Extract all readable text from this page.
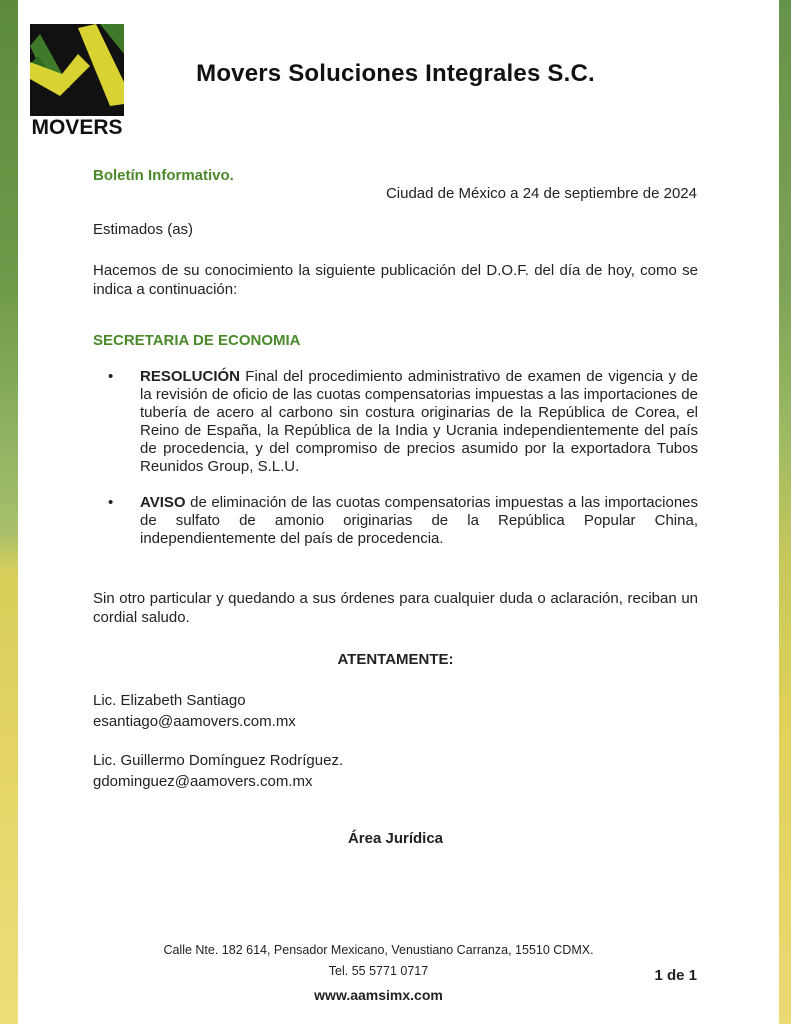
MOVERS
Movers Soluciones Integrales S.C.
Boletín Informativo.
Ciudad de México a 24 de septiembre de 2024
Estimados (as)
Hacemos de su conocimiento la siguiente publicación del D.O.F. del día de hoy, como se indica a continuación:
SECRETARIA DE ECONOMIA
• RESOLUCIÓN Final del procedimiento administrativo de examen de vigencia y de la revisión de oficio de las cuotas compensatorias impuestas a las importaciones de tubería de acero al carbono sin costura originarias de la República de Corea, el Reino de España, la República de la India y Ucrania independientemente del país de procedencia, y del compromiso de precios asumido por la exportadora Tubos Reunidos Group, S.L.U.
• AVISO de eliminación de las cuotas compensatorias impuestas a las importaciones de sulfato de amonio originarias de la República Popular China, independientemente del país de procedencia.
Sin otro particular y quedando a sus órdenes para cualquier duda o aclaración, reciban un cordial saludo.
ATENTAMENTE:
Lic. Elizabeth Santiago
esantiago@aamovers.com.mx
Lic. Guillermo Domínguez Rodríguez.
gdominguez@aamovers.com.mx
Área Jurídica
Calle Nte. 182 614, Pensador Mexicano, Venustiano Carranza, 15510 CDMX.
Tel. 55 5771 0717
www.aamsimx.com
1 de 1
